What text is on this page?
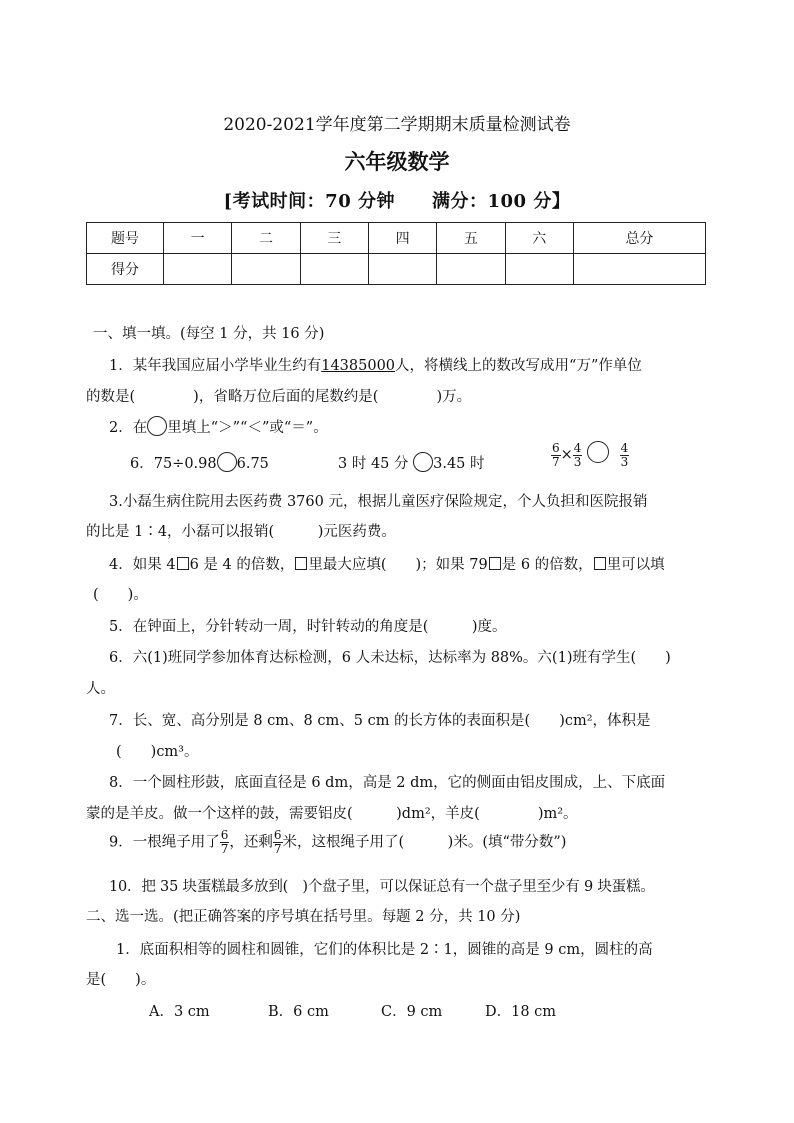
2020-2021学年度第二学期期末质量检测试卷
六年级数学
[考试时间：70 分钟　　满分：100 分】
题号	一	二	三	四	五	六	总分
得分							
一、填一填。(每空 1 分，共 16 分)
1．某年我国应届小学毕业生约有14385000人，将横线上的数改写成用“万”作单位
的数是(　　　　)，省略万位后面的尾数约是(　　　　)万。
2．在 里填上“＞”“＜”或“＝”。
6．75÷0.98 6.75	3 时 45 分 3.45 时	$\frac{6}{7} \times \frac{4}{3}$
	$\frac{4}{3}$
3.小磊生病住院用去医药费 3760 元，根据儿童医疗保险规定，个人负担和医院报销
的比是 1∶4，小磊可以报销(　　　)元医药费。
4．如果 4 6 是 4 的倍数， 里最大应填(　　)；如果 79 是 6 的倍数， 里可以填
(　　)。
5．在钟面上，分针转动一周，时针转动的角度是(　　　)度。
6．六(1)班同学参加体育达标检测，6 人未达标，达标率为 88%。六(1)班有学生(　　)
人。
7．长、宽、高分别是 8 cm、8 cm、5 cm 的长方体的表面积是(　　)cm²，体积是
(　　)cm³。
8．一个圆柱形鼓，底面直径是 6 dm，高是 2 dm，它的侧面由铝皮围成，上、下底面
蒙的是羊皮。做一个这样的鼓，需要铝皮(　　　)dm²，羊皮(　　　　)m²。
9．一根绳子用了 $\frac{6}{7}$ ，还剩 $\frac{6}{7}$ 米，这根绳子用了(　　　)米。(填“带分数”)
10．把 35 块蛋糕最多放到(　)个盘子里，可以保证总有一个盘子里至少有 9 块蛋糕。
二、选一选。(把正确答案的序号填在括号里。每题 2 分，共 10 分)
1．底面积相等的圆柱和圆锥，它们的体积比是 2∶1，圆锥的高是 9 cm，圆柱的高
是(　　)。
A．3 cm	B．6 cm	C．9 cm	D．18 cm
